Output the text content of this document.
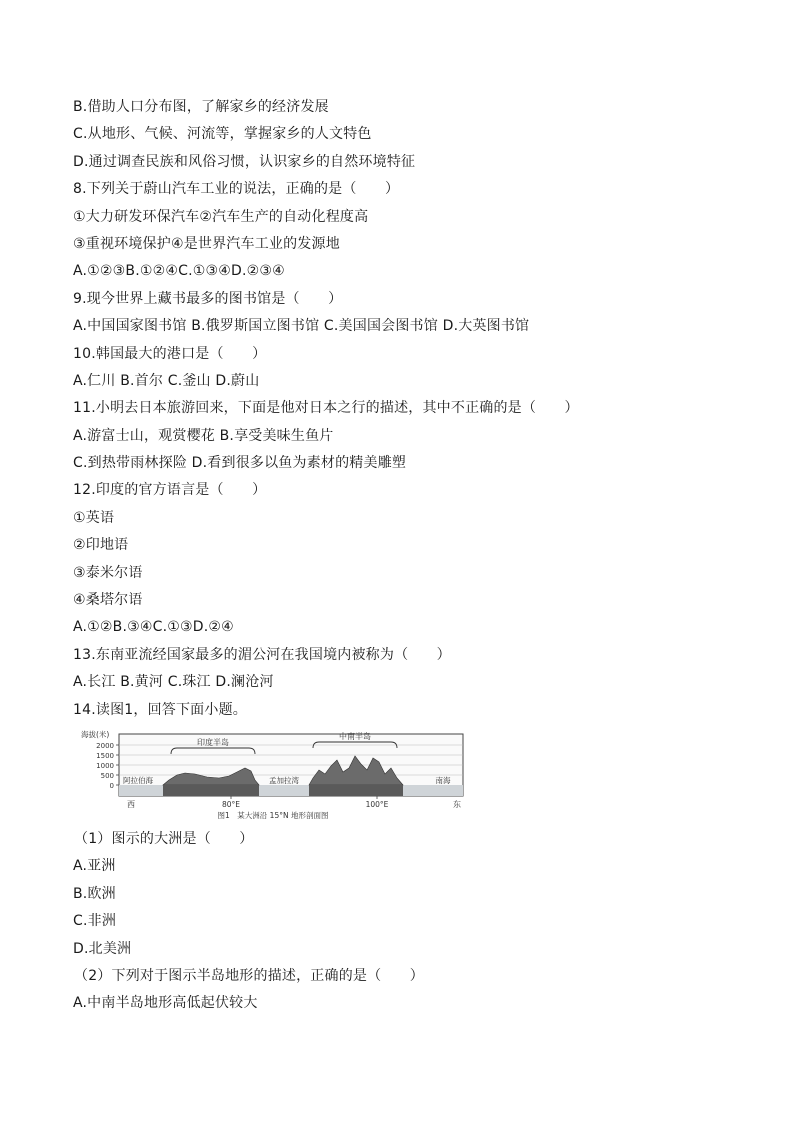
B.借助人口分布图，了解家乡的经济发展
C.从地形、气候、河流等，掌握家乡的人文特色
D.通过调查民族和风俗习惯，认识家乡的自然环境特征
8.下列关于蔚山汽车工业的说法，正确的是（　　）
①大力研发环保汽车②汽车生产的自动化程度高
③重视环境保护④是世界汽车工业的发源地
A.①②③B.①②④C.①③④D.②③④
9.现今世界上藏书最多的图书馆是（　　）
A.中国国家图书馆 B.俄罗斯国立图书馆 C.美国国会图书馆 D.大英图书馆
10.韩国最大的港口是（　　）
A.仁川 B.首尔 C.釜山 D.蔚山
11.小明去日本旅游回来，下面是他对日本之行的描述，其中不正确的是（　　）
A.游富士山，观赏樱花 B.享受美味生鱼片
C.到热带雨林探险 D.看到很多以鱼为素材的精美雕塑
12.印度的官方语言是（　　）
①英语
②印地语
③泰米尔语
④桑塔尔语
A.①②B.③④C.①③D.②④
13.东南亚流经国家最多的湄公河在我国境内被称为（　　）
A.长江 B.黄河 C.珠江 D.澜沧河
14.读图1，回答下面小题。
海拔(米)
2000
1500
1000
500
0
印度半岛
中南半岛
阿拉伯海	孟加拉湾	南海
西	80°E	100°E	东
图1　某大洲沿 15°N 地形剖面图
（1）图示的大洲是（　　）
A.亚洲
B.欧洲
C.非洲
D.北美洲
（2）下列对于图示半岛地形的描述，正确的是（　　）
A.中南半岛地形高低起伏较大
